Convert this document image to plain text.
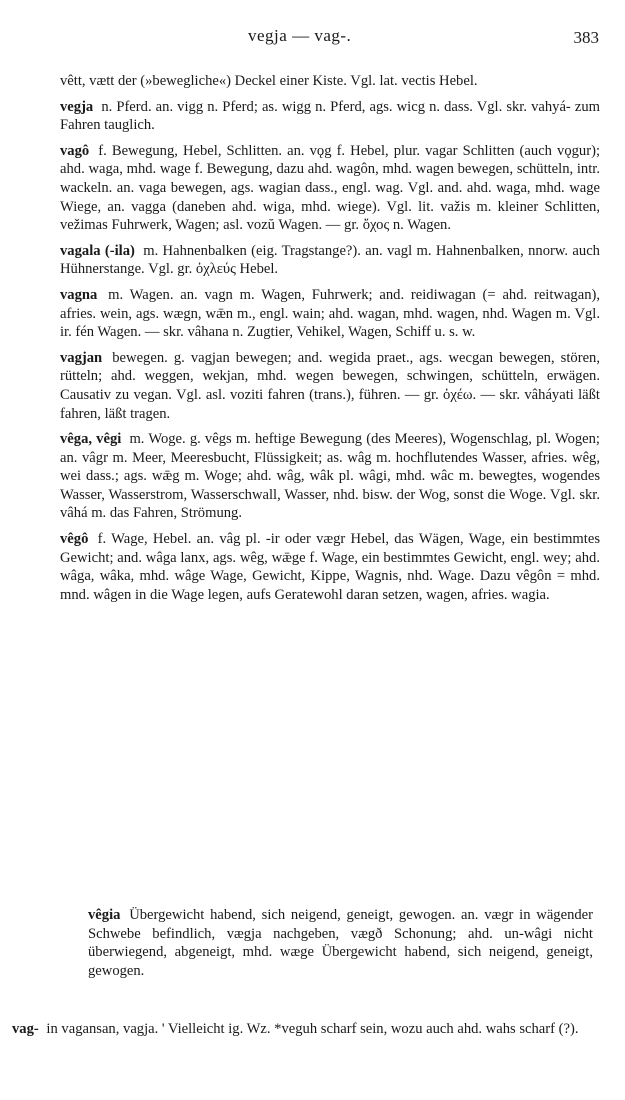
vegja — vag-.	383

vêtt, vætt der (»bewegliche«) Deckel einer Kiste. Vgl. lat. vectis Hebel.

vegja n. Pferd. an. vigg n. Pferd; as. wigg n. Pferd, ags. wicg n. dass. Vgl. skr. vahyá- zum Fahren tauglich.

vagô f. Bewegung, Hebel, Schlitten. an. vǫg f. Hebel, plur. vagar Schlitten (auch vǫgur); ahd. waga, mhd. wage f. Bewegung, dazu ahd. wagôn, mhd. wagen bewegen, schütteln, intr. wackeln. an. vaga bewegen, ags. wagian dass., engl. wag. Vgl. and. ahd. waga, mhd. wage Wiege, an. vagga (daneben ahd. wiga, mhd. wiege). Vgl. lit. važis m. kleiner Schlitten, vežimas Fuhrwerk, Wagen; asl. vozŭ Wagen. — gr. ὄχος n. Wagen.

vagala (-ila) m. Hahnenbalken (eig. Tragstange?). an. vagl m. Hahnenbalken, nnorw. auch Hühnerstange. Vgl. gr. ὀχλεύς Hebel.

vagna m. Wagen. an. vagn m. Wagen, Fuhrwerk; and. reidiwagan (= ahd. reitwagan), afries. wein, ags. wægn, wǣn m., engl. wain; ahd. wagan, mhd. wagen, nhd. Wagen m. Vgl. ir. fén Wagen. — skr. vâhana n. Zugtier, Vehikel, Wagen, Schiff u. s. w.

vagjan bewegen. g. vagjan bewegen; and. wegida praet., ags. wecgan bewegen, stören, rütteln; ahd. weggen, wekjan, mhd. wegen bewegen, schwingen, schütteln, erwägen. Causativ zu vegan. Vgl. asl. voziti fahren (trans.), führen. — gr. ὀχέω. — skr. vâháyati läßt fahren, läßt tragen.

vêga, vêgi m. Woge. g. vêgs m. heftige Bewegung (des Meeres), Wogenschlag, pl. Wogen; an. vâgr m. Meer, Meeresbucht, Flüssigkeit; as. wâg m. hochflutendes Wasser, afries. wêg, wei dass.; ags. wǣg m. Woge; ahd. wâg, wâk pl. wâgi, mhd. wâc m. bewegtes, wogendes Wasser, Wasserstrom, Wasserschwall, Wasser, nhd. bisw. der Wog, sonst die Woge. Vgl. skr. vâhá m. das Fahren, Strömung.

vêgô f. Wage, Hebel. an. vâg pl. -ir oder vægr Hebel, das Wägen, Wage, ein bestimmtes Gewicht; and. wâga lanx, ags. wêg, wǣge f. Wage, ein bestimmtes Gewicht, engl. wey; ahd. wâga, wâka, mhd. wâge Wage, Gewicht, Kippe, Wagnis, nhd. Wage. Dazu vêgôn = mhd. mnd. wâgen in die Wage legen, aufs Geratewohl daran setzen, wagen, afries. wagia.

vêgia Übergewicht habend, sich neigend, geneigt, gewogen. an. vægr in wägender Schwebe befindlich, vægja nachgeben, vægð Schonung; ahd. un-wâgi nicht überwiegend, abgeneigt, mhd. wæge Übergewicht habend, sich neigend, geneigt, gewogen.

vag- in vagansan, vagja. ' Vielleicht ig. Wz. *veguh scharf sein, wozu auch ahd. wahs scharf (?).
